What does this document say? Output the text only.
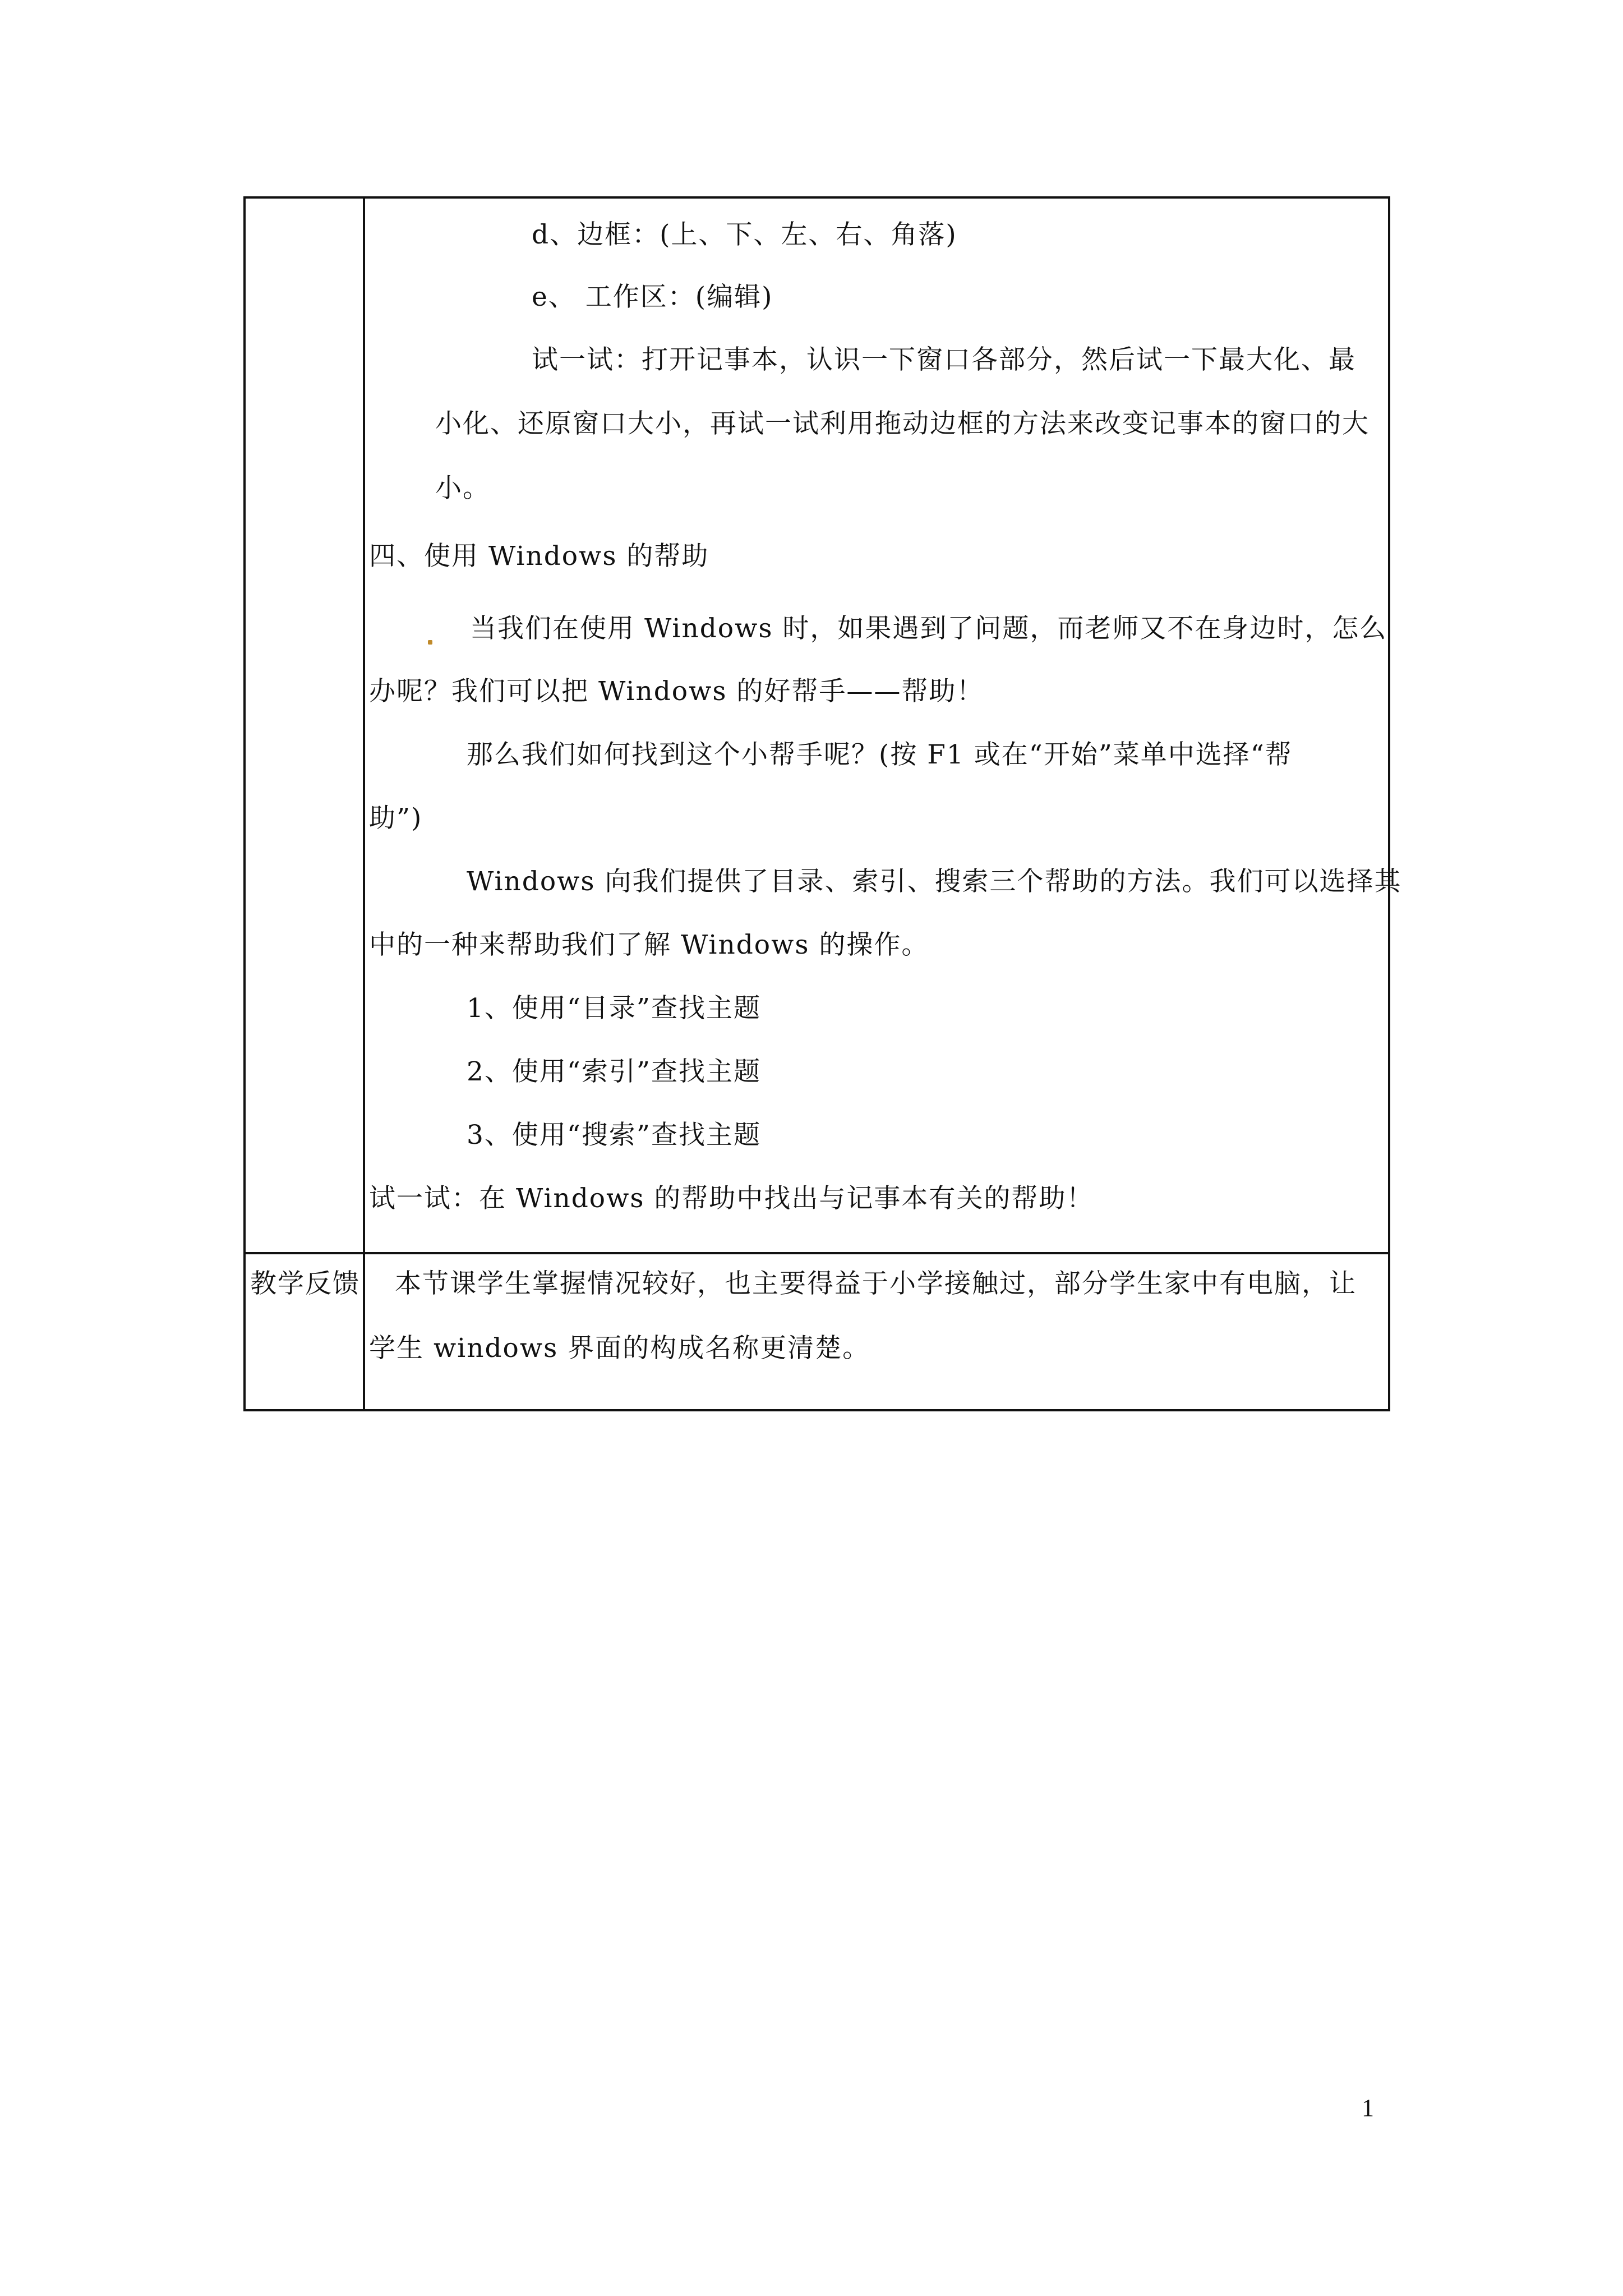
d、边框：(上、下、左、右、角落)
e、 工作区：(编辑)
试一试：打开记事本，认识一下窗口各部分，然后试一下最大化、最
小化、还原窗口大小，再试一试利用拖动边框的方法来改变记事本的窗口的大
小。
四、使用 Windows 的帮助
当我们在使用 Windows 时，如果遇到了问题，而老师又不在身边时，怎么
办呢？我们可以把 Windows 的好帮手——帮助！
那么我们如何找到这个小帮手呢？(按 F1 或在“开始”菜单中选择“帮
助”)
Windows 向我们提供了目录、索引、搜索三个帮助的方法。我们可以选择其
中的一种来帮助我们了解 Windows 的操作。
1、使用“目录”查找主题
2、使用“索引”查找主题
3、使用“搜索”查找主题
试一试：在 Windows 的帮助中找出与记事本有关的帮助！
教学反馈 本节课学生掌握情况较好，也主要得益于小学接触过，部分学生家中有电脑，让
学生 windows 界面的构成名称更清楚。
1
